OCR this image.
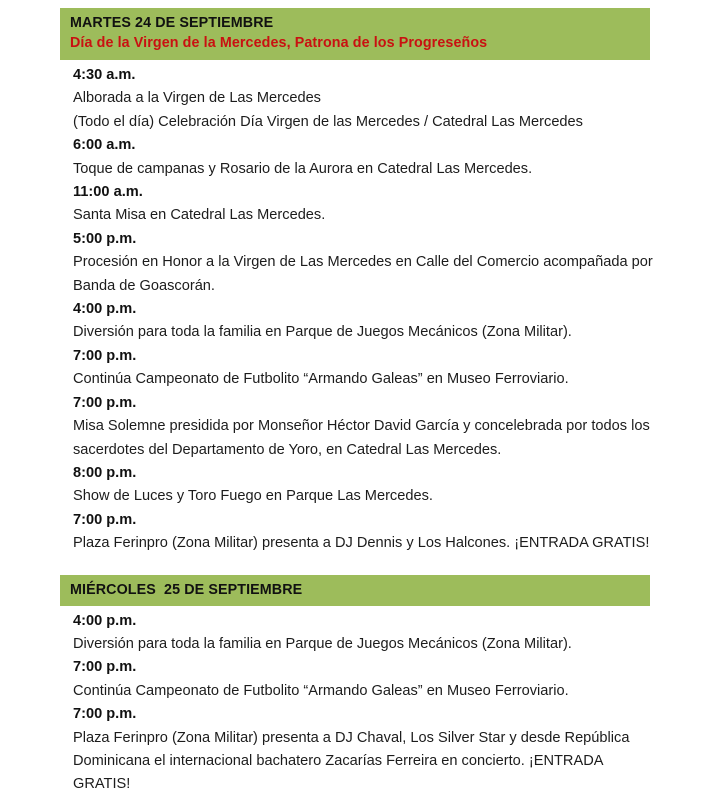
MARTES 24 DE SEPTIEMBRE
Día de la Virgen de la Mercedes, Patrona de los Progreseños
4:30 a.m.
Alborada a la Virgen de Las Mercedes
(Todo el día) Celebración Día Virgen de las Mercedes / Catedral Las Mercedes
6:00 a.m.
Toque de campanas y Rosario de la Aurora en Catedral Las Mercedes.
11:00 a.m.
Santa Misa en Catedral Las Mercedes.
5:00 p.m.
Procesión en Honor a la Virgen de Las Mercedes en Calle del Comercio acompañada por Banda de Goascorán.
4:00 p.m.
Diversión para toda la familia en Parque de Juegos Mecánicos (Zona Militar).
7:00 p.m.
Continúa Campeonato de Futbolito “Armando Galeas” en Museo Ferroviario.
7:00 p.m.
Misa Solemne presidida por Monseñor Héctor David García y concelebrada por todos los sacerdotes del Departamento de Yoro, en Catedral Las Mercedes.
8:00 p.m.
Show de Luces y Toro Fuego en Parque Las Mercedes.
7:00 p.m.
Plaza Ferinpro (Zona Militar) presenta a DJ Dennis y Los Halcones. ¡ENTRADA GRATIS!
MIÉRCOLES  25 DE SEPTIEMBRE
4:00 p.m.
Diversión para toda la familia en Parque de Juegos Mecánicos (Zona Militar).
7:00 p.m.
Continúa Campeonato de Futbolito “Armando Galeas” en Museo Ferroviario.
7:00 p.m.
Plaza Ferinpro (Zona Militar) presenta a DJ Chaval, Los Silver Star y desde República Dominicana el internacional bachatero Zacarías Ferreira en concierto. ¡ENTRADA GRATIS!
